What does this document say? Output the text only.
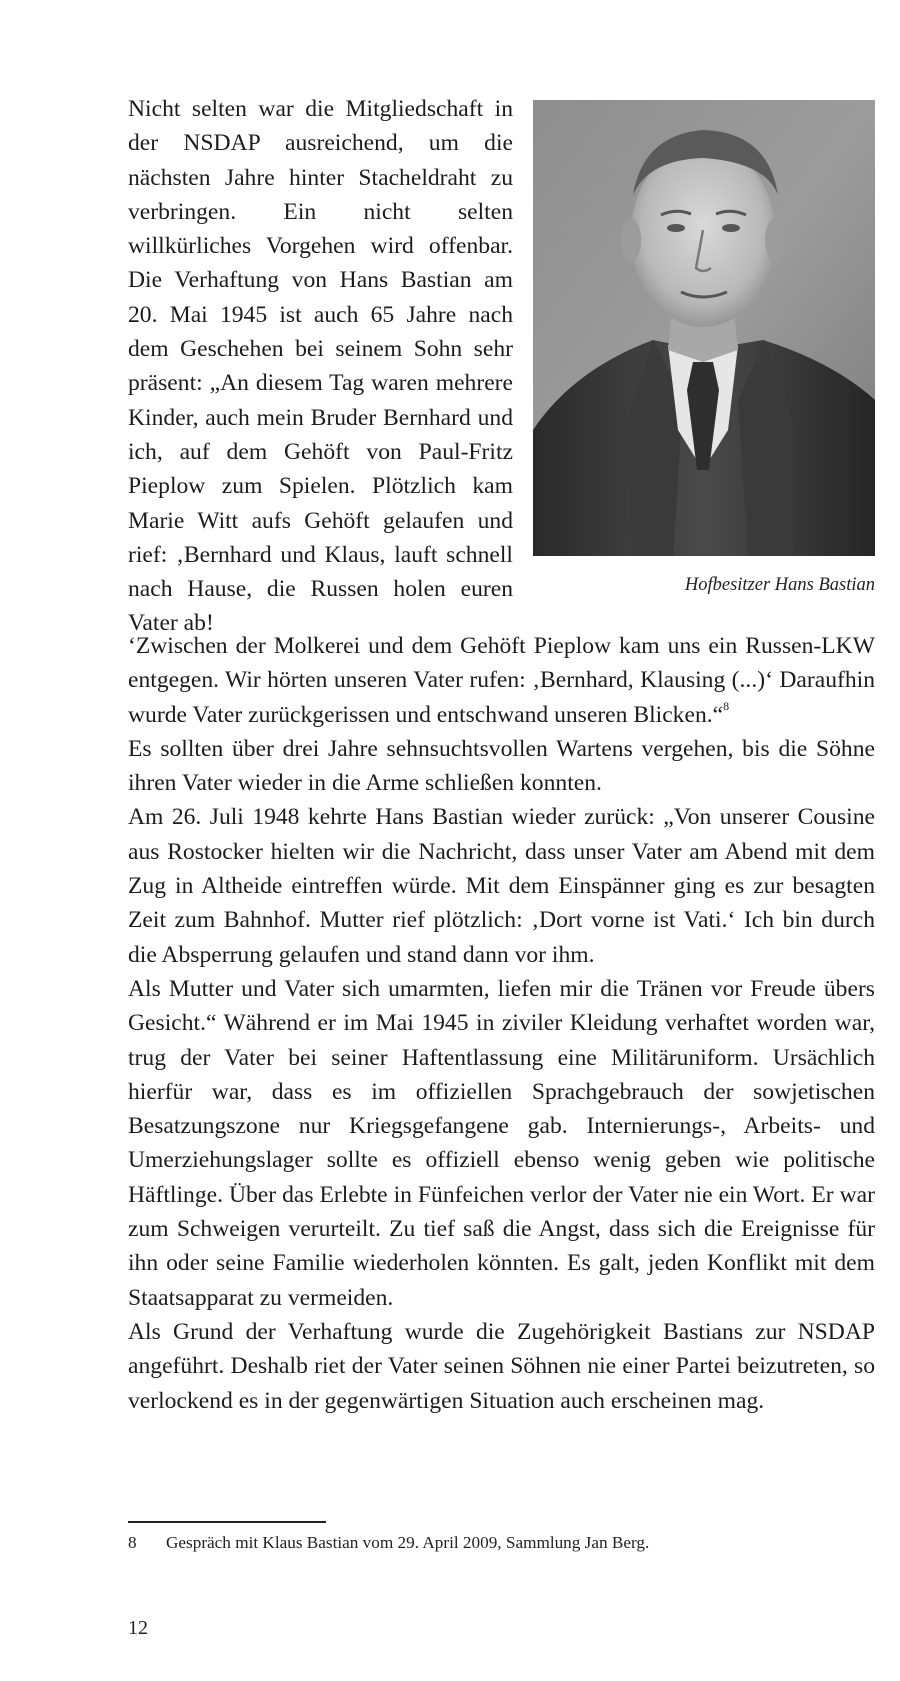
Hofbesitzer Hans Bastian
Nicht selten war die Mitgliedschaft in der NSDAP ausreichend, um die nächsten Jahre hinter Stacheldraht zu verbringen. Ein nicht selten willkürliches Vorgehen wird offenbar. Die Verhaftung von Hans Bastian am 20. Mai 1945 ist auch 65 Jahre nach dem Geschehen bei seinem Sohn sehr präsent: „An diesem Tag waren mehrere Kinder, auch mein Bruder Bernhard und ich, auf dem Gehöft von Paul-Fritz Pieplow zum Spielen. Plötzlich kam Marie Witt aufs Gehöft gelaufen und rief: ‚Bernhard und Klaus, lauft schnell nach Hause, die Russen holen euren Vater ab!

‘Zwischen der Molkerei und dem Gehöft Pieplow kam uns ein Russen-LKW entgegen. Wir hörten unseren Vater rufen: ‚Bernhard, Klausing (...)‘ Daraufhin wurde Vater zurückgerissen und entschwand unseren Blicken.“$^8$

Es sollten über drei Jahre sehnsuchtsvollen Wartens vergehen, bis die Söhne ihren Vater wieder in die Arme schließen konnten.

Am 26. Juli 1948 kehrte Hans Bastian wieder zurück: „Von unserer Cousine aus Rostocker hielten wir die Nachricht, dass unser Vater am Abend mit dem Zug in Altheide eintreffen würde. Mit dem Einspänner ging es zur besagten Zeit zum Bahnhof. Mutter rief plötzlich: ‚Dort vorne ist Vati.‘ Ich bin durch die Absperrung gelaufen und stand dann vor ihm.

Als Mutter und Vater sich umarmten, liefen mir die Tränen vor Freude übers Gesicht.“ Während er im Mai 1945 in ziviler Kleidung verhaftet worden war, trug der Vater bei seiner Haftentlassung eine Militäruniform. Ursächlich hierfür war, dass es im offiziellen Sprachgebrauch der sowjetischen Besatzungszone nur Kriegsgefangene gab. Internierungs-, Arbeits- und Umerziehungslager sollte es offiziell ebenso wenig geben wie politische Häftlinge. Über das Erlebte in Fünfeichen verlor der Vater nie ein Wort. Er war zum Schweigen verurteilt. Zu tief saß die Angst, dass sich die Ereignisse für ihn oder seine Familie wiederholen könnten. Es galt, jeden Konflikt mit dem Staatsapparat zu vermeiden.

Als Grund der Verhaftung wurde die Zugehörigkeit Bastians zur NSDAP angeführt. Deshalb riet der Vater seinen Söhnen nie einer Partei beizutreten, so verlockend es in der gegenwärtigen Situation auch erscheinen mag.

8 Gespräch mit Klaus Bastian vom 29. April 2009, Sammlung Jan Berg.
12
